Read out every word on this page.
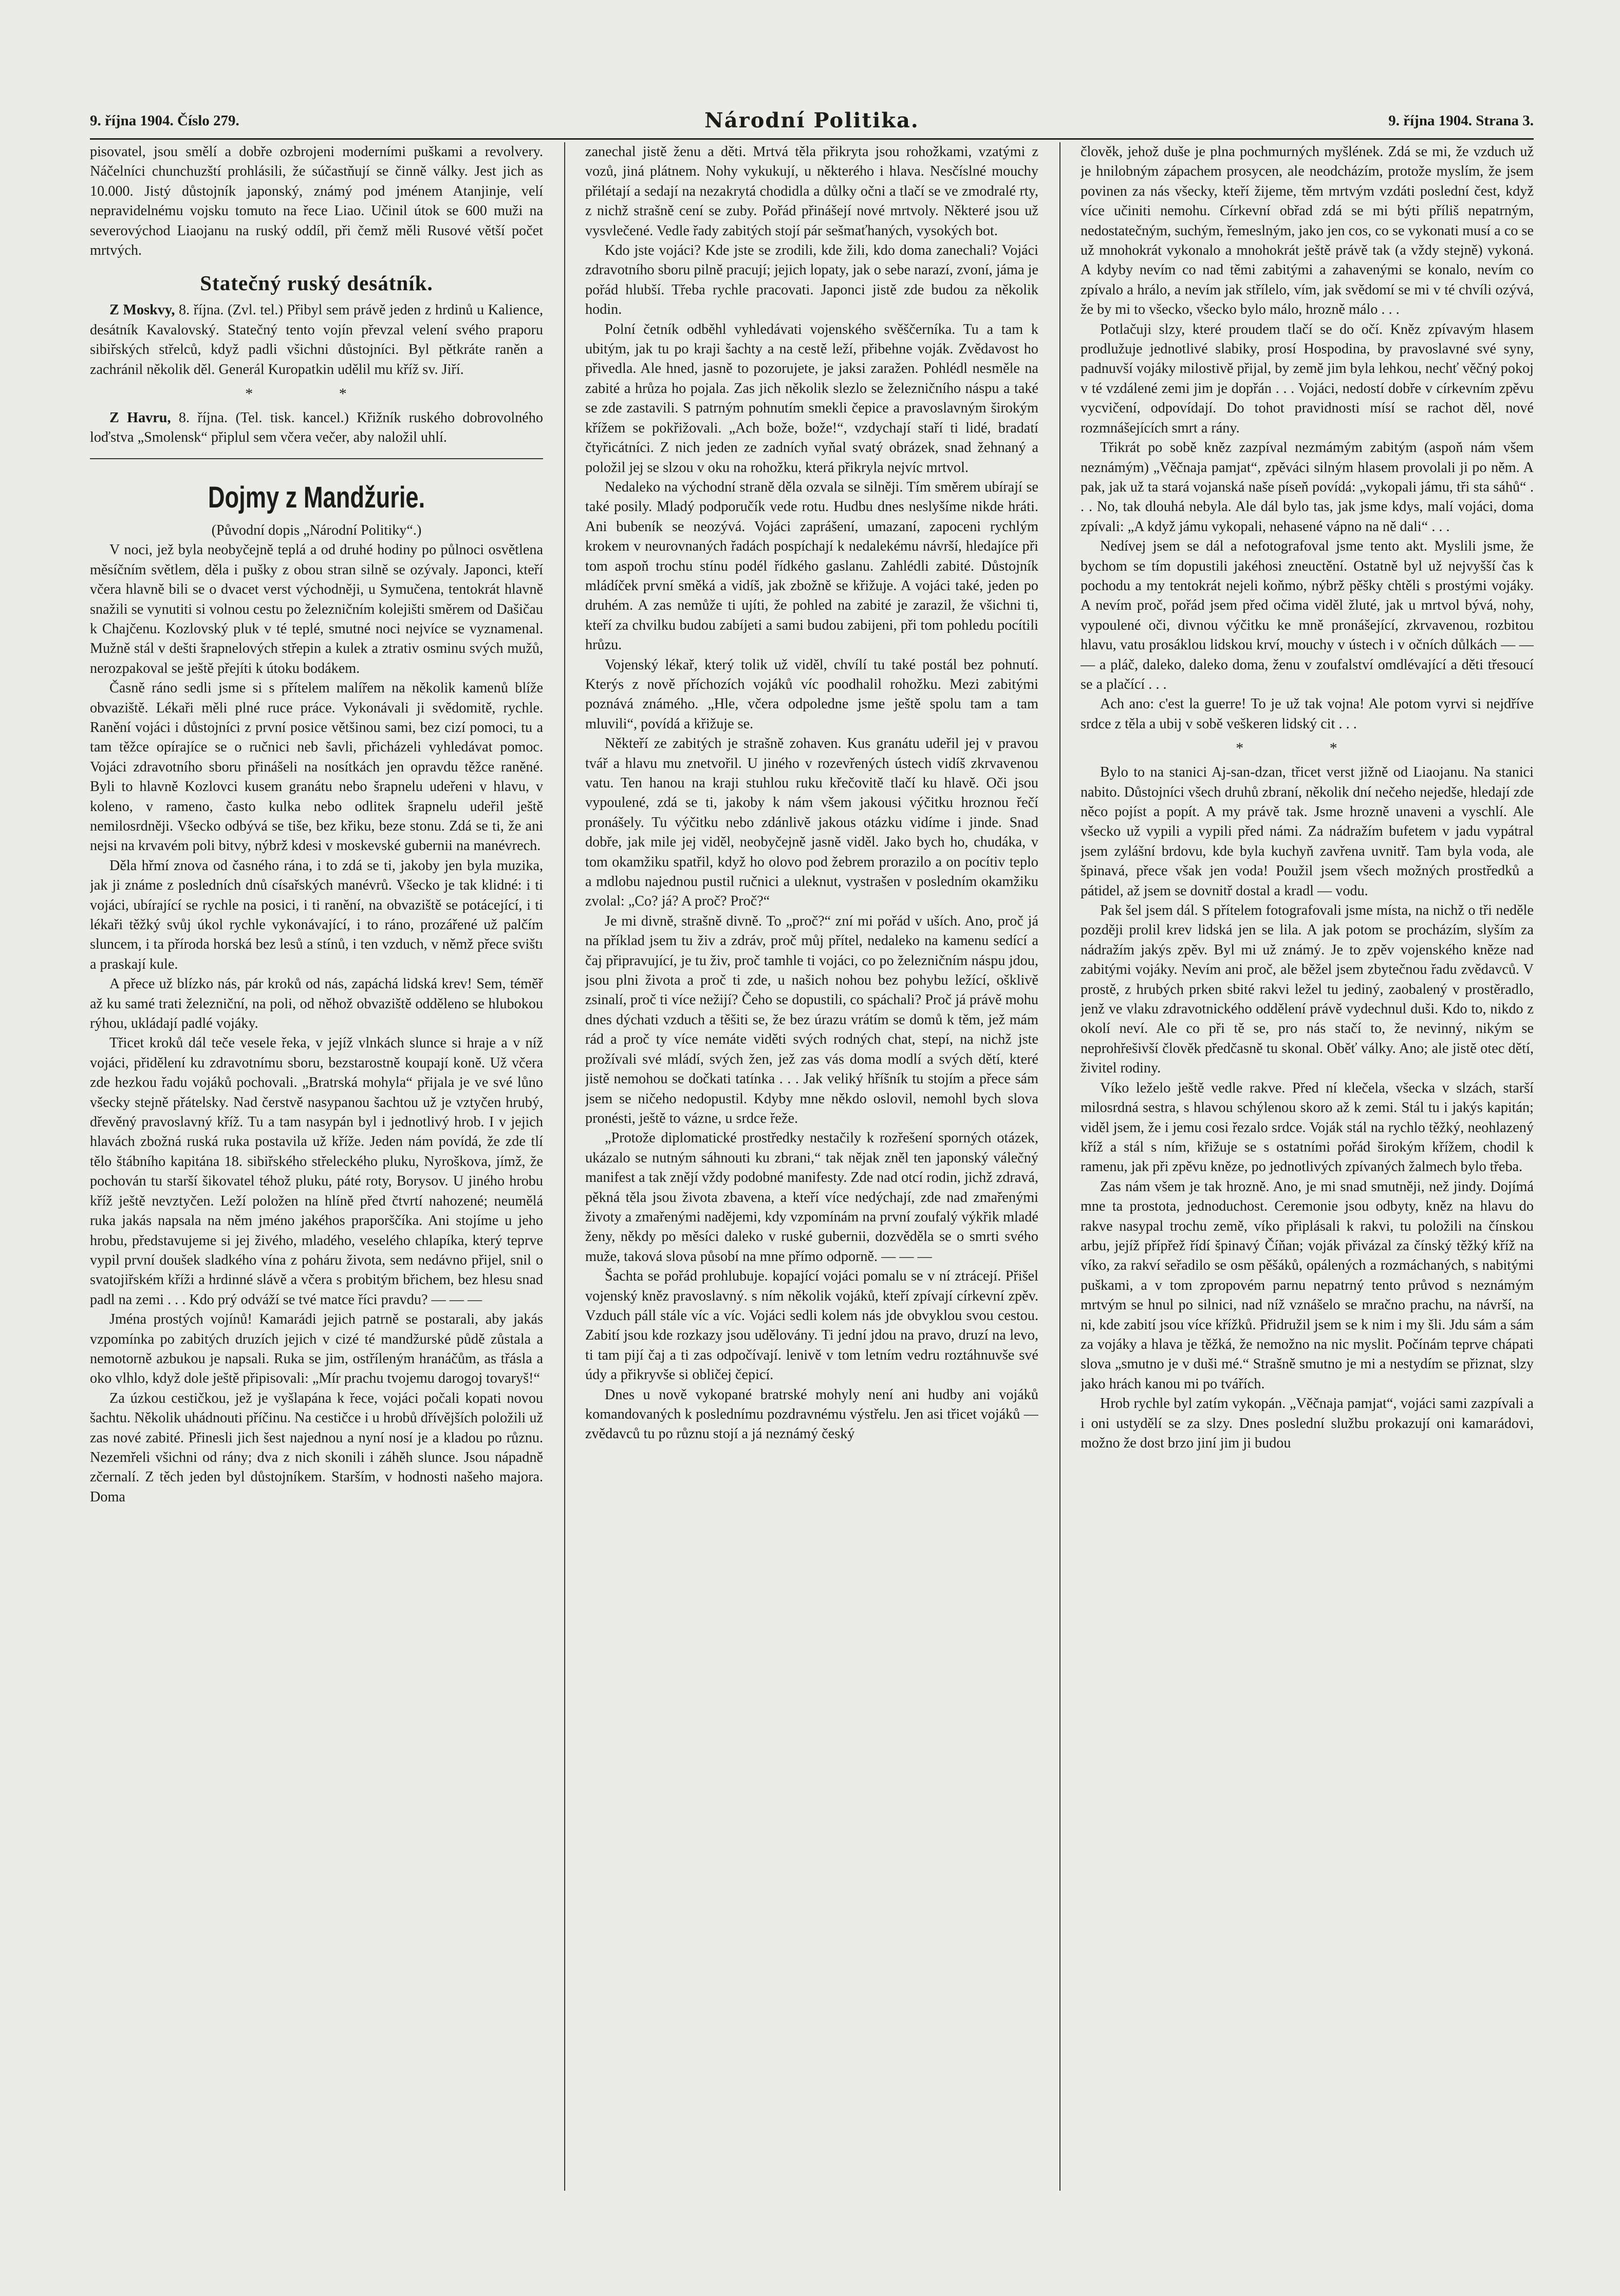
9. října 1904. Číslo 279.	Národní Politika.	9. října 1904. Strana 3.

pisovatel, jsou smělí a dobře ozbrojeni moderními puškami a revolvery. Náčelníci chunchuzští prohlásili, že súčastňují se činně války. Jest jich as 10.000. Jistý důstojník japonský, známý pod jménem Atanjinje, velí nepravidelnému vojsku tomuto na řece Liao. Učinil útok se 600 muži na severovýchod Liaojanu na ruský oddíl, při čemž měli Rusové větší počet mrtvých.

Statečný ruský desátník.

Z Moskvy, 8. října. (Zvl. tel.) Přibyl sem právě jeden z hrdinů u Kalience, desátník Kavalovský. Statečný tento vojín převzal velení svého praporu sibiřských střelců, když padli všichni důstojníci. Byl pětkráte raněn a zachránil několik děl. Generál Kuropatkin udělil mu kříž sv. Jiří.

* *

Z Havru, 8. října. (Tel. tisk. kancel.) Křižník ruského dobrovolného loďstva „Smolensk“ připlul sem včera večer, aby naložil uhlí.

Dojmy z Mandžurie.

(Původní dopis „Národní Politiky“.)

V noci, jež byla neobyčejně teplá a od druhé hodiny po půlnoci osvětlena měsíčním světlem, děla i pušky z obou stran silně se ozývaly. Japonci, kteří včera hlavně bili se o dvacet verst východněji, u Symučena, tentokrát hlavně snažili se vynutiti si volnou cestu po železničním kolejišti směrem od Dašičau k Chajčenu. Kozlovský pluk v té teplé, smutné noci nejvíce se vyznamenal. Mužně stál v dešti šrapnelových střepin a kulek a ztrativ osminu svých mužů, nerozpakoval se ještě přejíti k útoku bodákem.

Časně ráno sedli jsme si s přítelem malířem na několik kamenů blíže obvaziště. Lékaři měli plné ruce práce. Vykonávali ji svědomitě, rychle. Ranění vojáci i důstojníci z první posice většinou sami, bez cizí pomoci, tu a tam těžce opírajíce se o ručnici neb šavli, přicházeli vyhledávat pomoc. Vojáci zdravotního sboru přinášeli na nosítkách jen opravdu těžce raněné. Byli to hlavně Kozlovci kusem granátu nebo šrapnelu udeřeni v hlavu, v koleno, v rameno, často kulka nebo odlitek šrapnelu udeřil ještě nemilosrdněji. Všecko odbývá se tiše, bez křiku, beze stonu. Zdá se ti, že ani nejsi na krvavém poli bitvy, nýbrž kdesi v moskevské gubernii na manévrech.

Děla hřmí znova od časného rána, i to zdá se ti, jakoby jen byla muzika, jak ji známe z posledních dnů císařských manévrů. Všecko je tak klidné: i ti vojáci, ubírající se rychle na posici, i ti ranění, na obvaziště se potácející, i ti lékaři těžký svůj úkol rychle vykonávající, i to ráno, prozářené už palčím sluncem, i ta přírodа horská bez lesů a stínů, i ten vzduch, v němž přece svištı a praskají kule.

A přece už blízko nás, pár kroků od nás, zapáchá lidská krev! Sem, téměř až ku samé trati železniční, na poli, od něhož obvaziště odděleno se hlubokou rýhou, ukládají padlé vojáky.

Třicet kroků dál teče vesele řeka, v jejíž vlnkách slunce si hraje a v níž vojáci, přidělení ku zdravotnímu sboru, bezstarostně koupají koně. Už včera zde hezkou řadu vojáků pochovali. „Bratrská mohyla“ přijala je ve své lůno všecky stejně přátelsky. Nad čerstvě nasypanou šachtou už je vztyčen hrubý, dřevěný pravoslavný kříž. Tu a tam nasypán byl i jednotlivý hrob. I v jejich hlavách zbožná ruská ruka postavila už kříže. Jeden nám povídá, že zde tlí tělo štábního kapitána 18. sibiřského střeleckého pluku, Nyroškova, jímž, že pochován tu starší šikovatel téhož pluku, páté roty, Borysov. U jiného hrobu kříž ještě nevztyčen. Leží položen na hlíně před čtvrtí nahozené; neumělá ruka jakás napsala na něm jméno jakéhos praporščíka. Ani stojíme u jeho hrobu, představujeme si jej živého, mladého, veselého chlapíka, který teprve vypil první doušek sladkého vína z poháru života, sem nedávno přijel, snil o svatojiřském kříži a hrdinné slávě a včera s probitým břichem, bez hlesu snad padl na zemi . . . Kdo prý odváží se tvé matce říci pravdu? — — —

Jména prostých vojínů! Kamarádi jejich patrně se postarali, aby jakás vzpomínka po zabitých druzích jejich v cizé té mandžurské půdě zůstala a nemotorně azbukou je napsali. Ruka se jim, ostříleným hranáčům, as třásla a oko vlhlo, když dole ještě připisovali: „Mír prachu tvojemu darogoj tovaryš!“

Za úzkou cestičkou, jež je vyšlapána k řece, vojáci počali kopati novou šachtu. Několik uhádnouti příčinu. Na cestičce i u hrobů dřívějších položili už zas nové zabité. Přinesli jich šest najednou a nyní nosí je a kladou po různu. Nezemřeli všichni od rány; dva z nich skonili i záhěh sluncе. Jsou nápadně zčernalí. Z těch jeden byl důstojníkem. Starším, v hodnosti našeho majora. Doma

zanechal jistě ženu a děti. Mrtvá těla přikryta jsou rohožkami, vzatými z vozů, jiná plátnem. Nohy vykukují, u některého i hlava. Nesčíslné mouchy přilétají a sedají na nezakrytá chodidla a důlky očni a tlačí se ve zmodralé rty, z nichž strašně cení se zuby. Pořád přinášejí nové mrtvoly. Některé jsou už vysvlečené. Vedle řady zabitých stojí pár sešmaťhaných, vysokých bot.

Kdo jste vojáci? Kde jste se zrodili, kde žili, kdo doma zanechali? Vojáci zdravotního sboru pilně pracují; jejich lopaty, jak o sebe narazí, zvoní, jáma je pořád hlubší. Třeba rychle pracovati. Japonci jistě zde budou za několik hodin.

Polní četník odběhl vyhledávati vojenského svěščerníka. Tu a tam k ubitým, jak tu po kraji šachty a na cestě leží, přibehne voják. Zvědavost ho přivedla. Ale hned, jasně to pozorujete, je jaksi zaražen. Pohlédl nesměle na zabité a hrůza ho pojala. Zas jich několik slezlo se železničního náspu a také se zde zastavili. S patrným pohnutím smekli čepice a pravoslavným širokým křížem se pokřižovali. „Ach bože, bože!“, vzdychají staří ti lidé, bradatí čtyřicátníci. Z nich jeden ze zadních vyňal svatý obrázek, snad žehnaný a položil jej se slzou v oku na rohožku, která přikryla nejvíc mrtvol.

Nedaleko na východní straně děla ozvala se silněji. Tím směrem ubírají se také posily. Mladý podporučík vede rotu. Hudbu dnes neslyšíme nikde hráti. Ani bubeník se neozývá. Vojáci zaprášení, umazaní, zapoceni rychlým krokem v neurovnaných řadách pospíchají k nedalekému návrší, hledajíce při tom aspoň trochu stínu podél řídkého gaslanu. Zahlédli zabité. Důstojník mládíček první směká a vidíš, jak zbožně se křižuje. A vojáci také, jeden po druhém. A zas nemůže ti ujíti, že pohled na zabité je zarazil, že všichni ti, kteří za chvilku budou zabíjeti a sami budou zabijeni, při tom pohledu pocítili hrůzu.

Vojenský lékař, který tolik už viděl, chvílí tu také postál bez pohnutí. Kterýs z nově příchozích vojáků víc poodhalil rohožku. Mezi zabitými poznává známého. „Hle, včera odpoledne jsme ještě spolu tam a tam mluvili“, povídá a křižuje se.

Někteří ze zabitých je strašně zohaven. Kus granátu udeřil jej v pravou tvář a hlavu mu znetvořil. U jiného v rozevřených ústech vidíš zkrvavenou vatu. Ten hanou na kraji stuhlou ruku křečovitě tlačí ku hlavě. Oči jsou vypoulené, zdá se ti, jakoby k nám všem jakousi výčitku hroznou řečí pronášely. Tu výčitku nebo zdánlivě jakous otázku vidíme i jinde. Snad dobře, jak mile jej viděl, neobyčejně jasně viděl. Jako bych ho, chudáka, v tom okamžiku spatřil, když ho olovo pod žebrem prorazilo a on pocítiv teplo a mdlobu najednou pustil ručnici a uleknut, vystrašen v posledním okamžiku zvolal: „Co? já? A proč? Proč?“

Je mi divně, strašně divně. To „proč?“ zní mi pořád v uších. Ano, proč já na příklad jsem tu živ a zdráv, proč můj přítel, nedaleko na kamenu sedící a čaj připravující, je tu živ, proč tamhle ti vojáci, co po železničním náspu jdou, jsou plni života a proč ti zde, u našich nohou bez pohybu ležící, ošklivě zsinalí, proč ti více nežijí? Čeho se dopustili, co spáchali? Proč já právě mohu dnes dýchati vzduch a těšiti se, že bez úrazu vrátím se domů k těm, jež mám rád a proč ty více nemáte viděti svých rodných chat, stepí, na nichž jste prožívali své mládí, svých žen, jež zas vás doma modlí a svých dětí, které jistě nemohou se dočkati tatínka . . . Jak veliký hříšník tu stojím a přece sám jsem se ničeho nedopustil. Kdyby mne někdo oslovil, nemohl bych slova pronésti, ještě to vázne, u srdce řeže.

„Protože diplomatické prostředky nestačily k rozřešení sporných otázek, ukázalo se nutným sáhnouti ku zbrani,“ tak nějak zněl ten japonský válečný manifest a tak znějí vždy podobné manifesty. Zde nad otcí rodin, jichž zdravá, pěkná těla jsou života zbavena, a kteří více nedýchají, zde nad zmařenými životy a zmařenými nadějemi, kdy vzpomínám na první zoufalý výkřik mladé ženy, někdy po měsíci daleko v ruské gubernii, dozvěděla se o smrti svého muže, taková slova působí na mne přímo odporně. — — —

Šachta se pořád prohlubuje. kopající vojáci pomalu se v ní ztrácejí. Přišel vojenský kněz pravoslavný. s ním několik vojáků, kteří zpívají církevní zpěv. Vzduch páll stále víc a víc. Vojáci sedli kolem nás jde obvyklou svou cestou. Zabití jsou kde rozkazy jsou udělovány. Ti jední jdou na pravo, druzí na levo, ti tam pijí čaj a ti zas odpočívají. lenivě v tom letním vedru roztáhnuvše své údy a přikryvše si obličej čepicí.

Dnes u nově vykopané bratrské mohyly není ani hudby ani vojáků komandovaných k poslednímu pozdravnému výstřelu. Jen asi třicet vojáků — zvědavců tu po různu stojí a já neznámý český

člověk, jehož duše je plna pochmurných myšlének. Zdá se mi, že vzduch už je hnilobným zápachem prosycen, ale neodcházím, protože myslím, že jsem povinen za nás všecky, kteří žijeme, těm mrtvým vzdáti poslední čest, když více učiniti nemohu. Církevní obřad zdá se mi býti příliš nepatrným, nedostatečným, suchým, řemeslným, jako jen cos, co se vykonati musí a co se už mnohokrát vykonalo a mnohokrát ještě právě tak (a vždy stejně) vykoná. A kdyby nevím co nad těmi zabitými a zahavenými se konalo, nevím co zpívalo a hrálo, a nevím jak střílelo, vím, jak svědomí se mi v té chvíli ozývá, že by mi to všecko, všecko bylo málo, hrozně málo . . .

Potlačuji slzy, které proudem tlačí se do očí. Kněz zpívavým hlasem prodlužuje jednotlivé slabiky, prosí Hospodina, by pravoslavné své syny, padnuvší vojáky milostivě přijal, by země jim byla lehkou, nechť věčný pokoj v té vzdálené zemi jim je dopřán . . . Vojáci, nedostí dobře v církevním zpěvu vycvičení, odpovídají. Do tohot pravidnosti mísí se rachot děl, nové rozmnášejících smrt a rány.

Třikrát po sobě kněz zazpíval nezmámým zabitým (aspoň nám všem neznámým) „Věčnaja pamjat“, zpěváci silným hlasem provolali ji po něm. A pak, jak už ta stará vojanská naše píseň povídá: „vykopali jámu, tři sta sáhů“ . . . No, tak dlouhá nebyla. Ale dál bylo tas, jak jsme kdys, malí vojáci, doma zpívali: „A když jámu vykopali, nehasené vápno na ně dali“ . . .

Nedívej jsem se dál a nefotografoval jsme tento akt. Myslili jsme, že bychom se tím dopustili jakéhosi zneuctění. Ostatně byl už nejvyšší čas k pochodu a my tentokrát nejeli koňmo, nýbrž pěšky chtěli s prostými vojáky. A nevím proč, pořád jsem před očima viděl žluté, jak u mrtvol bývá, nohy, vypoulené oči, divnou výčitku ke mně pronášející, zkrvavenou, rozbitou hlavu, vatu prosáklou lidskou krví, mouchy v ústech i v očních důlkách — — — a pláč, daleko, daleko doma, ženu v zoufalství omdlévající a děti třesoucí se a plačící . . .

Ach ano: c'est la guerre! To je už tak vojna! Ale potom vyrvi si nejdříve srdce z těla a ubij v sobě veškeren lidský cit . . .

* *

Bylo to na stanici Aj-san-dzan, třicet verst jižně od Liaojanu. Na stanici nabito. Důstojníci všech druhů zbraní, několik dní nečeho nejedše, hledají zde něco pojíst a popít. A my právě tak. Jsme hrozně unaveni a vyschlí. Ale všecko už vypili a vypili před námi. Za nádražím bufetem v jadu vypátral jsem zylášní brdovu, kde byla kuchyň zavřena uvnitř. Tam byla voda, ale špinavá, přece však jen voda! Použil jsem všech možných prostředků a pátidel, až jsem se dovnitř dostal a kradl — vodu.

Pak šel jsem dál. S přítelem fotografovali jsme místa, na nichž o tři neděle později prolil krev lidská jen se lila. A jak potom se procházím, slyším za nádražím jakýs zpěv. Byl mi už známý. Je to zpěv vojenského kněze nad zabitými vojáky. Nevím ani proč, ale běžel jsem zbytečnou řadu zvědavců. V prostě, z hrubých prken sbité rakvi ležel tu jediný, zaobalený v prostěradlo, jenž ve vlaku zdravotnického oddělení právě vydechnul duši. Kdo to, nikdo z okolí neví. Ale co při tě se, pro nás stačí to, že nevinný, nikým se neprohřešivší člověk předčasně tu skonal. Oběť války. Ano; ale jistě otec dětí, živitel rodiny.

Víko leželo ještě vedle rakve. Před ní klečela, všecka v slzách, starší milosrdná sestra, s hlavou schýlenou skoro až k zemi. Stál tu i jakýs kapitán; viděl jsem, že i jemu cosi řezalo srdce. Voják stál na rychlo těžký, neohlazený kříž a stál s ním, křižuje se s ostatními pořád širokým křížem, chodil k ramenu, jak při zpěvu kněze, po jednotlivých zpívaných žalmech bylo třeba.

Zas nám všem je tak hrozně. Ano, je mi snad smutněji, než jindy. Dojímá mne ta prostota, jednoduchost. Ceremonie jsou odbyty, kněz na hlavu do rakve nasypal trochu země, víko připlásali k rakvi, tu položili na čínskou arbu, jejíž přípřež řídí špinavý Číňan; voják přivázal za čínský těžký kříž na víko, za rakví seřadilo se osm pěšáků, opálených a rozmáchaných, s nabitými puškami, a v tom zpropovém parnu nepatrný tento průvod s neznámým mrtvým se hnul po silnici, nad níž vznášelo se mračno prachu, na návrší, na ni, kde zabití jsou více křížků. Přidružil jsem se k nim i my šli. Jdu sám a sám za vojáky a hlava je těžká, že nemožno na nic myslit. Počínám teprve chápati slova „smutno je v duši mé.“ Strašně smutno je mi a nestydím se přiznat, slzy jako hrách kanou mi po tvářích.

Hrob rychle byl zatím vykopán. „Věčnaja pamjat“, vojáci sami zazpívali a i oni ustydělí se za slzy. Dnes poslední službu prokazují oni kamarádovi, možno že dost brzo jiní jim ji budou
